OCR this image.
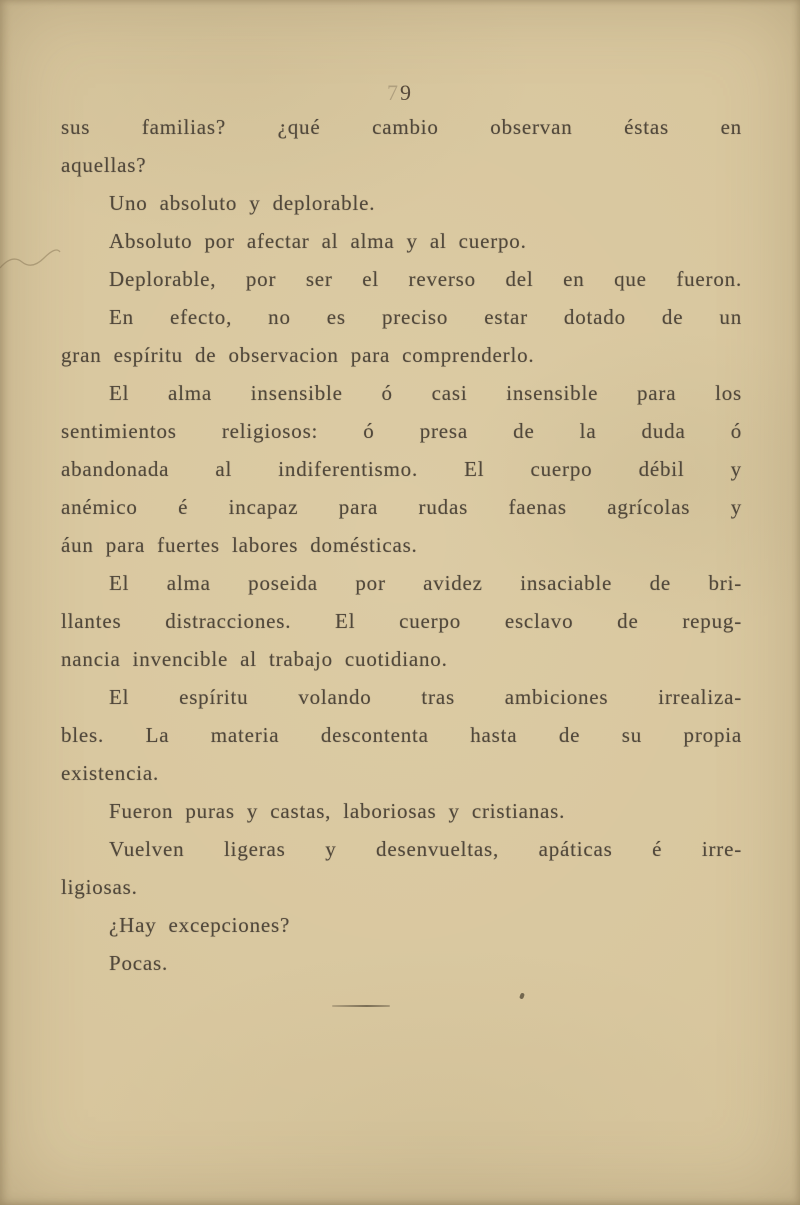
79
sus familias? ¿qué cambio observan éstas en
aquellas?
Uno absoluto y deplorable.
Absoluto por afectar al alma y al cuerpo.
Deplorable, por ser el reverso del en que fueron.
En efecto, no es preciso estar dotado de un
gran espíritu de observacion para comprenderlo.
El alma insensible ó casi insensible para los
sentimientos religiosos: ó presa de la duda ó
abandonada al indiferentismo. El cuerpo débil y
anémico é incapaz para rudas faenas agrícolas y
áun para fuertes labores domésticas.
El alma poseida por avidez insaciable de bri-
llantes distracciones. El cuerpo esclavo de repug-
nancia invencible al trabajo cuotidiano.
El espíritu volando tras ambiciones irrealiza-
bles. La materia descontenta hasta de su propia
existencia.
Fueron puras y castas, laboriosas y cristianas.
Vuelven ligeras y desenvueltas, apáticas é irre-
ligiosas.
¿Hay excepciones?
Pocas.
